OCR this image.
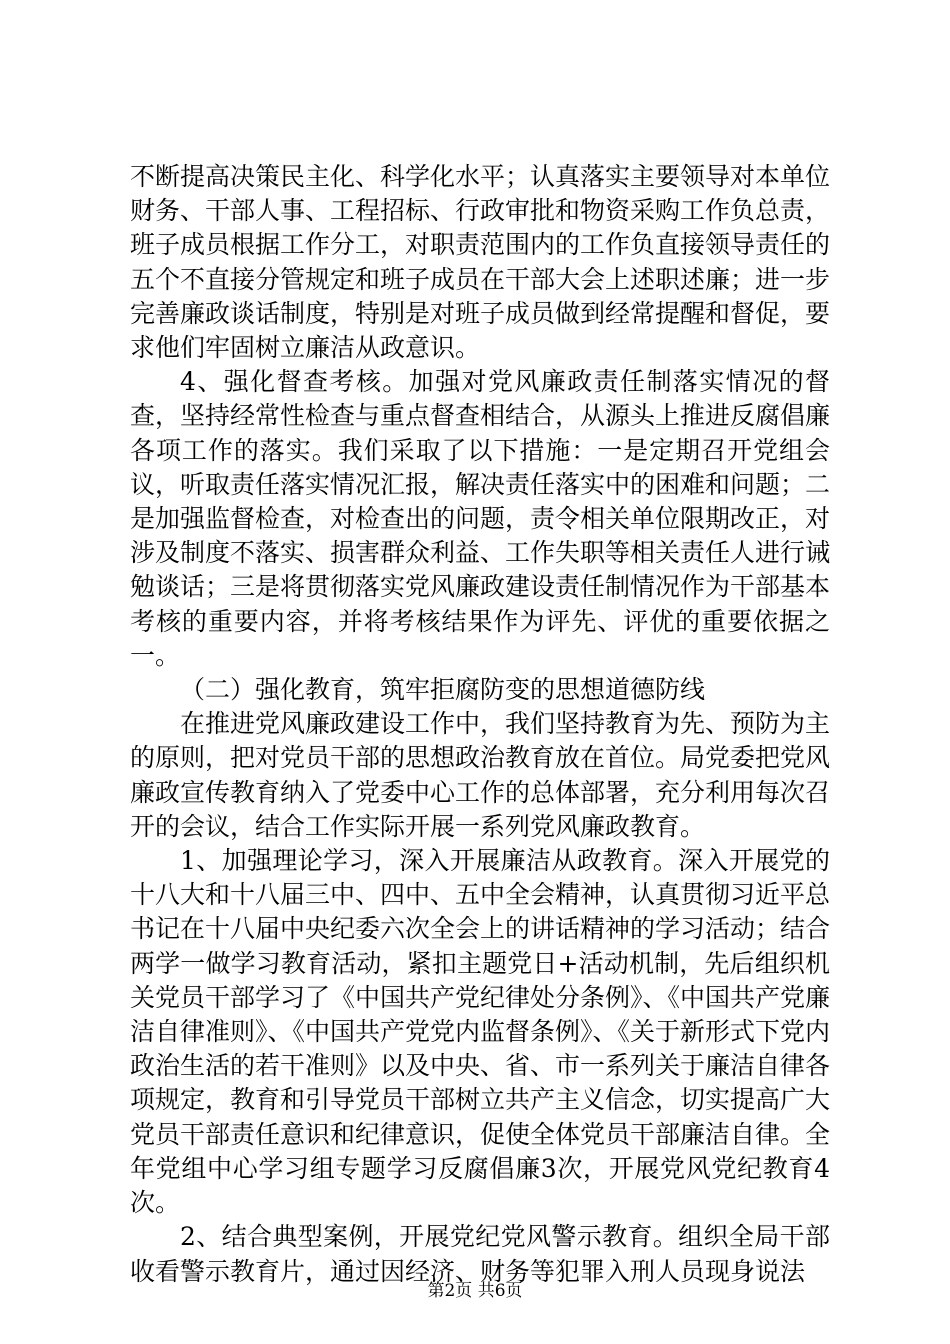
不断提高决策民主化、科学化水平；认真落实主要领导对本单位财务、干部人事、工程招标、行政审批和物资采购工作负总责，班子成员根据工作分工，对职责范围内的工作负直接领导责任的五个不直接分管规定和班子成员在干部大会上述职述廉；进一步完善廉政谈话制度，特别是对班子成员做到经常提醒和督促，要求他们牢固树立廉洁从政意识。

4、强化督查考核。加强对党风廉政责任制落实情况的督查，坚持经常性检查与重点督查相结合，从源头上推进反腐倡廉各项工作的落实。我们采取了以下措施：一是定期召开党组会议，听取责任落实情况汇报，解决责任落实中的困难和问题；二是加强监督检查，对检查出的问题，责令相关单位限期改正，对涉及制度不落实、损害群众利益、工作失职等相关责任人进行诫勉谈话；三是将贯彻落实党风廉政建设责任制情况作为干部基本考核的重要内容，并将考核结果作为评先、评优的重要依据之一。

（二）强化教育，筑牢拒腐防变的思想道德防线

在推进党风廉政建设工作中，我们坚持教育为先、预防为主的原则，把对党员干部的思想政治教育放在首位。局党委把党风廉政宣传教育纳入了党委中心工作的总体部署，充分利用每次召开的会议，结合工作实际开展一系列党风廉政教育。

1、加强理论学习，深入开展廉洁从政教育。深入开展党的十八大和十八届三中、四中、五中全会精神，认真贯彻习近平总书记在十八届中央纪委六次全会上的讲话精神的学习活动；结合两学一做学习教育活动，紧扣主题党日+活动机制，先后组织机关党员干部学习了《中国共产党纪律处分条例》、《中国共产党廉洁自律准则》、《中国共产党党内监督条例》、《关于新形式下党内政治生活的若干准则》以及中央、省、市一系列关于廉洁自律各项规定，教育和引导党员干部树立共产主义信念，切实提高广大党员干部责任意识和纪律意识，促使全体党员干部廉洁自律。全年党组中心学习组专题学习反腐倡廉3次，开展党风党纪教育4次。

2、结合典型案例，开展党纪党风警示教育。组织全局干部收看警示教育片，通过因经济、财务等犯罪入刑人员现身说法

第2页 共6页
